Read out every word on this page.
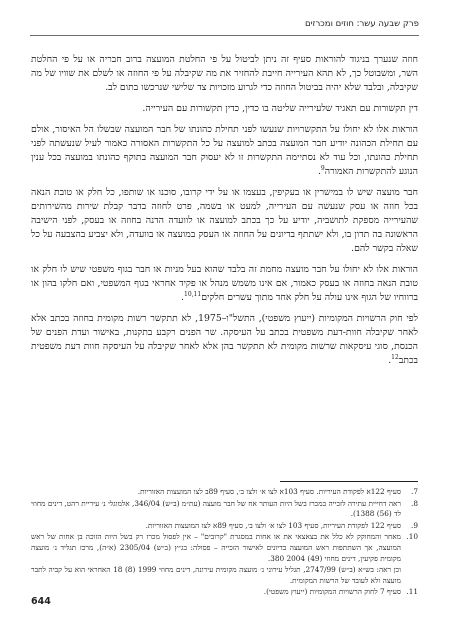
פרק שבעה עשר: חוזים ומכרזים

חוזה שנערך בניגוד להוראות סעיף זה ניתן לביטול על פי החלטת המועצה ברוב חבריה או על פי החלטת השר, ומשבוטל כך, לא תהא העירייה חייבת להחזיר את מה שקיבלה על פי החוזה או לשלם את שוויו של מה שקיבלה, ובלבד שלא יהיה בביטול החוזה כדי לגרוע מזכויות צד שלישי שנרכשו בתום לב.

דין תקשורות עם תאגיד שלעירייה שליטה בו כדין, כדין תקשורות עם העירייה.

הוראות אלו לא יחולו על התקשרויות שנעשו לפני תחילת כהונתו של חבר המועצה שבשלו הל האיסור, אולם עם תחילת הכהונה יודיע חבר המועצה בכתב למועצה על כל התקשרות האסורה כאמור לעיל שנעשתה לפני תחילת כהונתו, וכל עוד לא נסתיימה התקשרות זו לא יעסוק חבר המועצה בתוקף כהונתו במועצה בכל ענין הנוגע להתקשרות האמורה$^9$.

חבר מועצה שיש לו במישרין או בעקיפין, בעצמו או על ידי קרובו, סוכנו או שותפו, כל חלק או טובת הנאה בכל חוזה או עסק שנעשה עם העירייה, למעט או בשמה, פרט לחוזה בדבר קבלת שירות מהשירותים שהעירייה מספקת לתושביה, יודיע על כך בכתב למועצה או לוועדה הדנה בחוזה או בעסק, לפני הישיבה הראשונה בה תדון בו, ולא ישתתף בדיונים על החוזה או העסק במועצה או בוועדה, ולא יצביע בהצבעה על כל שאלה בקשר להם.

הוראות אלו לא יחולו על חבר מועצה מחמת זה בלבד שהוא בעל מניות או חבר בגוף משפטי שיש לו חלק או טובת הנאה בחוזה או בעסק כאמור, אם אינו משמש מנהל או פקיד אחראי בגוף המשפטי, ואם חלקו בהון או ברווחיו של הגוף אינו עולה על חלק אחד מתוך עשרים חלקים$^{10,11}$.

לפי חוק הרשויות המקומיות (ייעוץ משפטי), התשל"ו–1975, לא תתקשר רשות מקומית בחוזה בכתב אלא לאחר שקיבלה חוות-דעת משפטית בכתב על העיסקה. שר הפנים רקבע בתקנות, באישור ועדת הפנים של הכנסת, סוגי עיסקאות שרשות מקומית לא תתקשר בהן אלא לאחר שקיבלה על העיסקה חוות דעת משפטית בכתב$^{12}$.

7.
סעיף 122א לפקודת העיריות. סעיף 103א לצו א׳ ולצו ב׳, סעיף 89ב לצו המועצות האזוריות.
8.
ראה דחייית עתירה לזכייה במכרז בשל היות העותר אח של חבר מועצה (עת״מ (ב״ש) 346/04, אלמוגלי נ׳ עיריית רהט, דינים מחוזי לד (56) 1388).
9.
סעיף 122 לפקודת העיריות, סעיף 103 לצו א׳ ולצו ב׳, סעיף 89א לצו המועצות האזוריות.
10.
מאחר והמחוקק לא כלל את בצאצאי את או אחות במסגרת "קרובים" – אין לפסול מכרז רק בשל היות הזוכה בן אחות של ראש המועצה, אך השתתפות ראש המועצה בדיונים לאישור הזכייה – פסולה: בג״ץ (ב״ש) 2305/04 (א״ה), מרכז תגליד נ׳ מועצה מקומית פקיעין, דינים מחוזי (49) 2004 380.
וכן ראה: בש״א (ב״ש) 2747/99, תגליל עירוני נ׳ מועצה מקומית עירונה, דינים מחוזי 1999 (8) 18 האחראי הוא על קביה לתבר מועצה ולא לעובד של הרשות המקומית.
11.
סעיף 7 לחוק הרשויות המקומיות (ייעוץ משפטי).
644
